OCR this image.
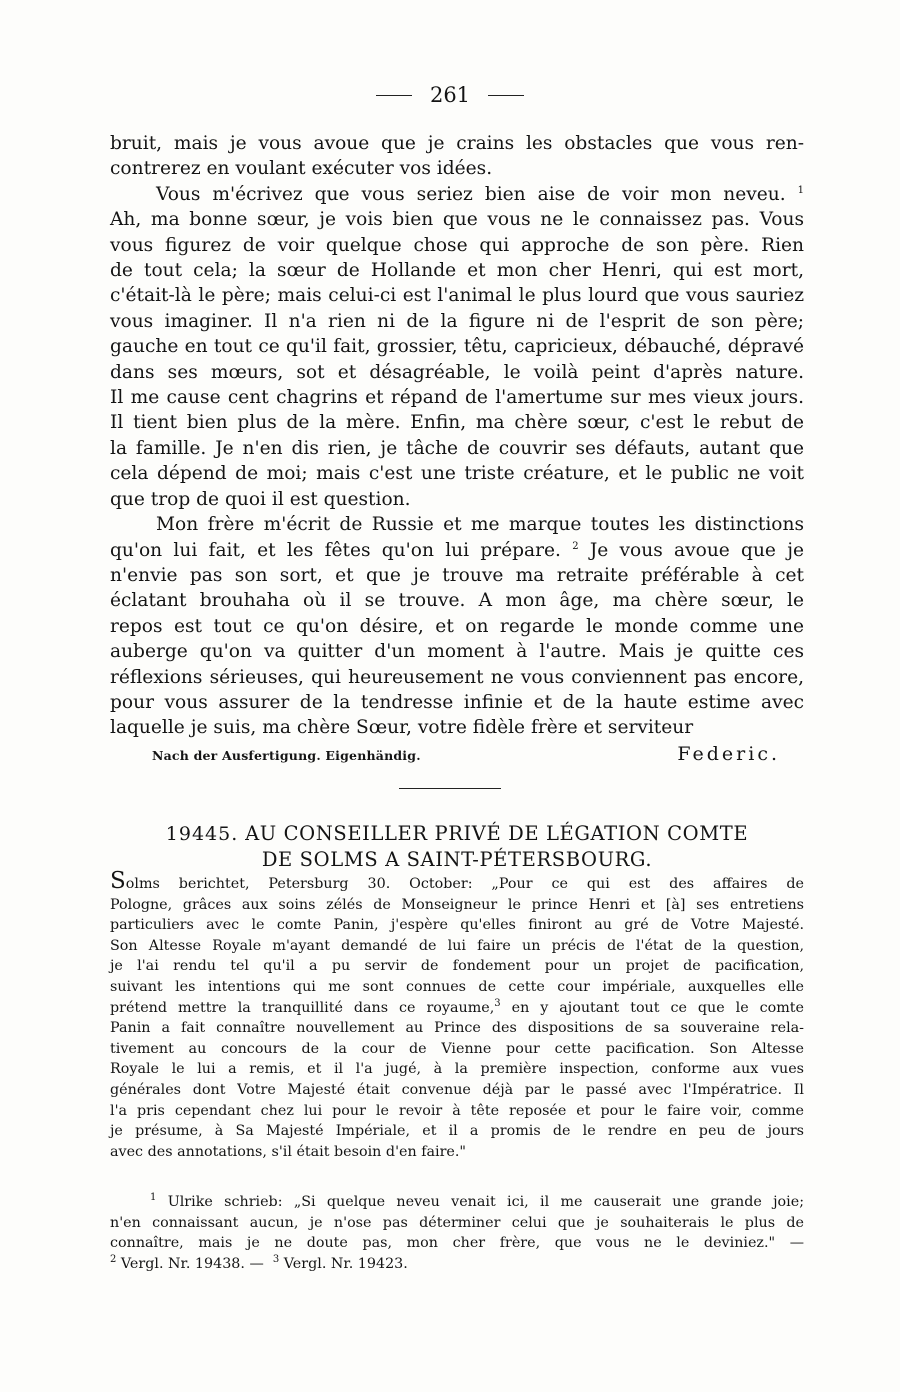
261
bruit, mais je vous avoue que je crains les obstacles que vous ren-
contrerez en voulant exécuter vos idées.
Vous m'écrivez que vous seriez bien aise de voir mon neveu. $^1$
Ah, ma bonne sœur, je vois bien que vous ne le connaissez pas. Vous
vous figurez de voir quelque chose qui approche de son père. Rien
de tout cela; la sœur de Hollande et mon cher Henri, qui est mort,
c'était-là le père; mais celui-ci est l'animal le plus lourd que vous sauriez
vous imaginer. Il n'a rien ni de la figure ni de l'esprit de son père;
gauche en tout ce qu'il fait, grossier, têtu, capricieux, débauché, dépravé
dans ses mœurs, sot et désagréable, le voilà peint d'après nature.
Il me cause cent chagrins et répand de l'amertume sur mes vieux jours.
Il tient bien plus de la mère. Enfin, ma chère sœur, c'est le rebut de
la famille. Je n'en dis rien, je tâche de couvrir ses défauts, autant que
cela dépend de moi; mais c'est une triste créature, et le public ne voit
que trop de quoi il est question.
Mon frère m'écrit de Russie et me marque toutes les distinctions
qu'on lui fait, et les fêtes qu'on lui prépare. $^2$ Je vous avoue que je
n'envie pas son sort, et que je trouve ma retraite préférable à cet
éclatant brouhaha où il se trouve. A mon âge, ma chère sœur, le
repos est tout ce qu'on désire, et on regarde le monde comme une
auberge qu'on va quitter d'un moment à l'autre. Mais je quitte ces
réflexions sérieuses, qui heureusement ne vous conviennent pas encore,
pour vous assurer de la tendresse infinie et de la haute estime avec
laquelle je suis, ma chère Sœur, votre fidèle frère et serviteur
Nach der Ausfertigung. Eigenhändig.	Federic.
19445. AU CONSEILLER PRIVÉ DE LÉGATION COMTE
DE SOLMS A SAINT-PÉTERSBOURG.
Solms berichtet, Petersburg 30. October: „Pour ce qui est des affaires de
Pologne, grâces aux soins zélés de Monseigneur le prince Henri et [à] ses entretiens
particuliers avec le comte Panin, j'espère qu'elles finiront au gré de Votre Majesté.
Son Altesse Royale m'ayant demandé de lui faire un précis de l'état de la question,
je l'ai rendu tel qu'il a pu servir de fondement pour un projet de pacification,
suivant les intentions qui me sont connues de cette cour impériale, auxquelles elle
prétend mettre la tranquillité dans ce royaume,$^3$ en y ajoutant tout ce que le comte
Panin a fait connaître nouvellement au Prince des dispositions de sa souveraine rela-
tivement au concours de la cour de Vienne pour cette pacification. Son Altesse
Royale le lui a remis, et il l'a jugé, à la première inspection, conforme aux vues
générales dont Votre Majesté était convenue déjà par le passé avec l'Impératrice. Il
l'a pris cependant chez lui pour le revoir à tête reposée et pour le faire voir, comme
je présume, à Sa Majesté Impériale, et il a promis de le rendre en peu de jours
avec des annotations, s'il était besoin d'en faire."
$^1$ Ulrike schrieb: „Si quelque neveu venait ici, il me causerait une grande joie;
n'en connaissant aucun, je n'ose pas déterminer celui que je souhaiterais le plus de
connaître, mais je ne doute pas, mon cher frère, que vous ne le deviniez." —
$^2$ Vergl. Nr. 19438. — $^3$ Vergl. Nr. 19423.
